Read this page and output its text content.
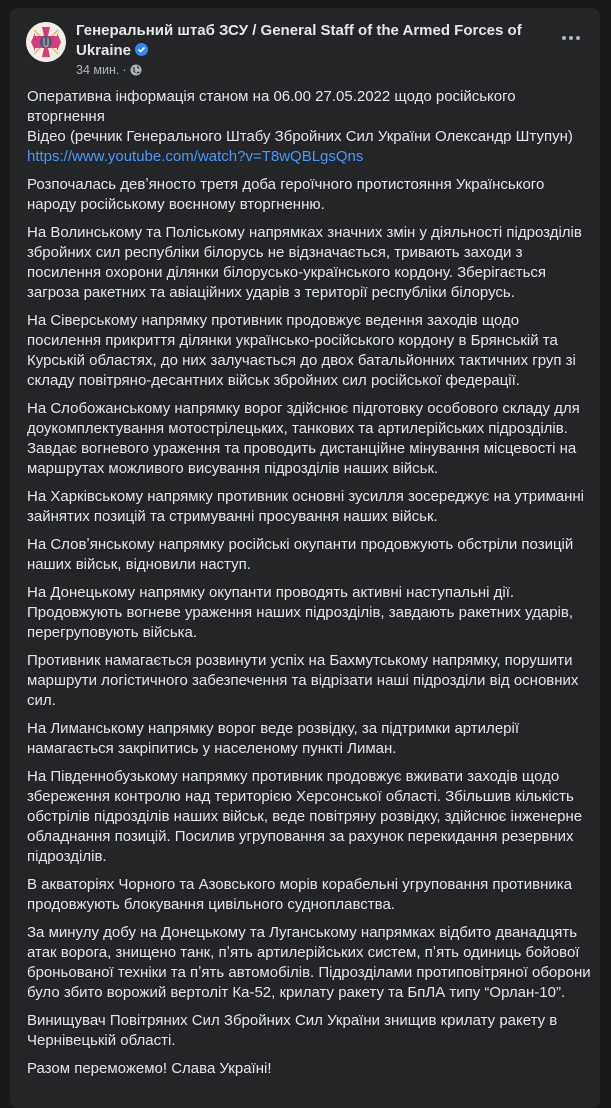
Генеральний штаб ЗСУ / General Staff of the Armed Forces of Ukraine
34 мин. ·

Оперативна інформація станом на 06.00 27.05.2022 щодо російського вторгнення
Відео (речник Генерального Штабу Збройних Сил України Олександр Штупун)
https://www.youtube.com/watch?v=T8wQBLgsQns

Розпочалась девʼяносто третя доба героїчного протистояння Українського народу російському воєнному вторгненню.

На Волинському та Поліському напрямках значних змін у діяльності підрозділів збройних сил республіки білорусь не відзначається, тривають заходи з посилення охорони ділянки білорусько-українського кордону. Зберігається загроза ракетних та авіаційних ударів з території республіки білорусь.

На Сіверському напрямку противник продовжує ведення заходів щодо посилення прикриття ділянки українсько-російського кордону в Брянській та Курській областях, до них залучається до двох батальйонних тактичних груп зі складу повітряно-десантних військ збройних сил російської федерації.

На Слобожанському напрямку ворог здійснює підготовку особового складу для доукомплектування мотострілецьких, танкових та артилерійських підрозділів. Завдає вогневого ураження та проводить дистанційне мінування місцевості на маршрутах можливого висування підрозділів наших військ.

На Харківському напрямку противник основні зусилля зосереджує на утриманні зайнятих позицій та стримуванні просування наших військ.

На Словʼянському напрямку російські окупанти продовжують обстріли позицій наших військ, відновили наступ.

На Донецькому напрямку окупанти проводять активні наступальні дії. Продовжують вогневе ураження наших підрозділів, завдають ракетних ударів, перегруповують війська.

Противник намагається розвинути успіх на Бахмутському напрямку, порушити маршрути логістичного забезпечення та відрізати наші підрозділи від основних сил.

На Лиманському напрямку ворог веде розвідку, за підтримки артилерії намагається закріпитись у населеному пункті Лиман.

На Південнобузькому напрямку противник продовжує вживати заходів щодо збереження контролю над територією Херсонської області. Збільшив кількість обстрілів підрозділів наших військ, веде повітряну розвідку, здійснює інженерне обладнання позицій. Посилив угруповання за рахунок перекидання резервних підрозділів.

В акваторіях Чорного та Азовського морів корабельні угруповання противника продовжують блокування цивільного судноплавства.

За минулу добу на Донецькому та Луганському напрямках відбито дванадцять атак ворога, знищено танк, пʼять артилерійських систем, пʼять одиниць бойової броньованої техніки та пʼять автомобілів. Підрозділами протиповітряної оборони було збито ворожий вертоліт Ка-52, крилату ракету та БпЛА типу “Орлан-10”.

Винищувач Повітряних Сил Збройних Сил України знищив крилату ракету в Чернівецькій області.

Разом переможемо! Слава Україні!
